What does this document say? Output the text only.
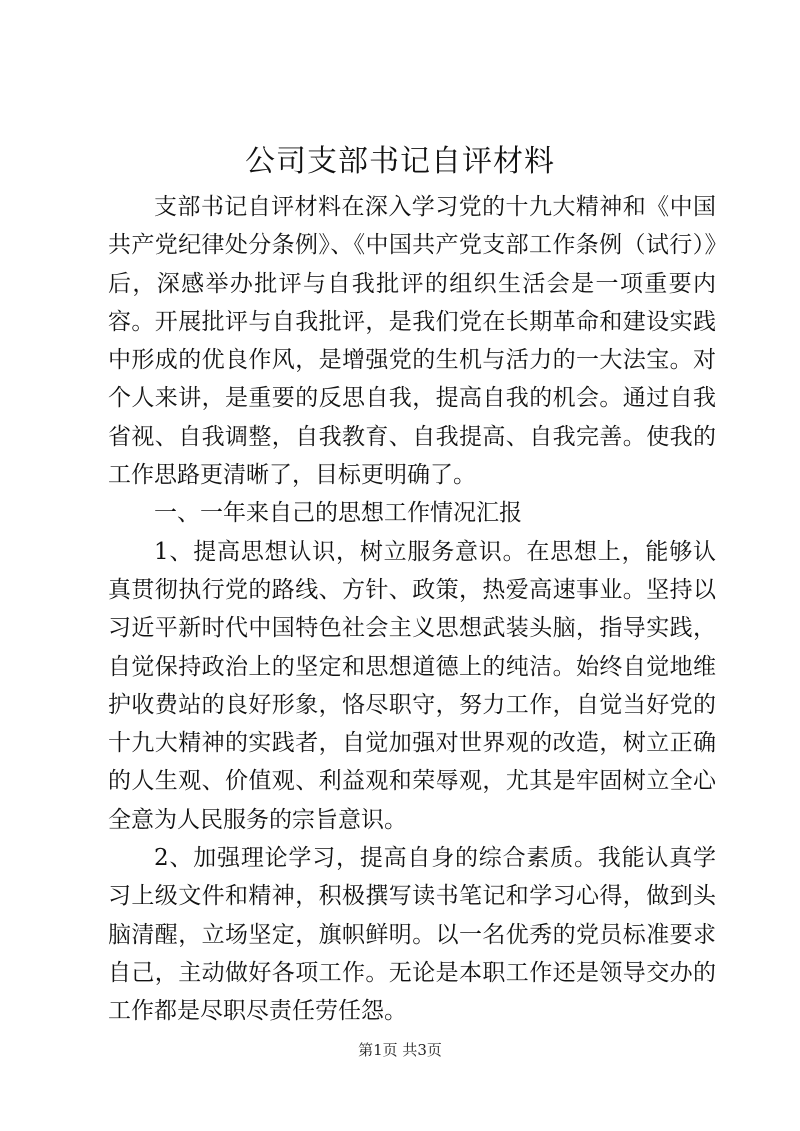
公司支部书记自评材料

支部书记自评材料在深入学习党的十九大精神和《中国共产党纪律处分条例》、《中国共产党支部工作条例（试行）》后，深感举办批评与自我批评的组织生活会是一项重要内容。开展批评与自我批评，是我们党在长期革命和建设实践中形成的优良作风，是增强党的生机与活力的一大法宝。对个人来讲，是重要的反思自我，提高自我的机会。通过自我省视、自我调整，自我教育、自我提高、自我完善。使我的工作思路更清晰了，目标更明确了。

一、一年来自己的思想工作情况汇报

1、提高思想认识，树立服务意识。在思想上，能够认真贯彻执行党的路线、方针、政策，热爱高速事业。坚持以习近平新时代中国特色社会主义思想武装头脑，指导实践，自觉保持政治上的坚定和思想道德上的纯洁。始终自觉地维护收费站的良好形象，恪尽职守，努力工作，自觉当好党的十九大精神的实践者，自觉加强对世界观的改造，树立正确的人生观、价值观、利益观和荣辱观，尤其是牢固树立全心全意为人民服务的宗旨意识。

2、加强理论学习，提高自身的综合素质。我能认真学习上级文件和精神，积极撰写读书笔记和学习心得，做到头脑清醒，立场坚定，旗帜鲜明。以一名优秀的党员标准要求自己，主动做好各项工作。无论是本职工作还是领导交办的工作都是尽职尽责任劳任怨。

第1页 共3页
